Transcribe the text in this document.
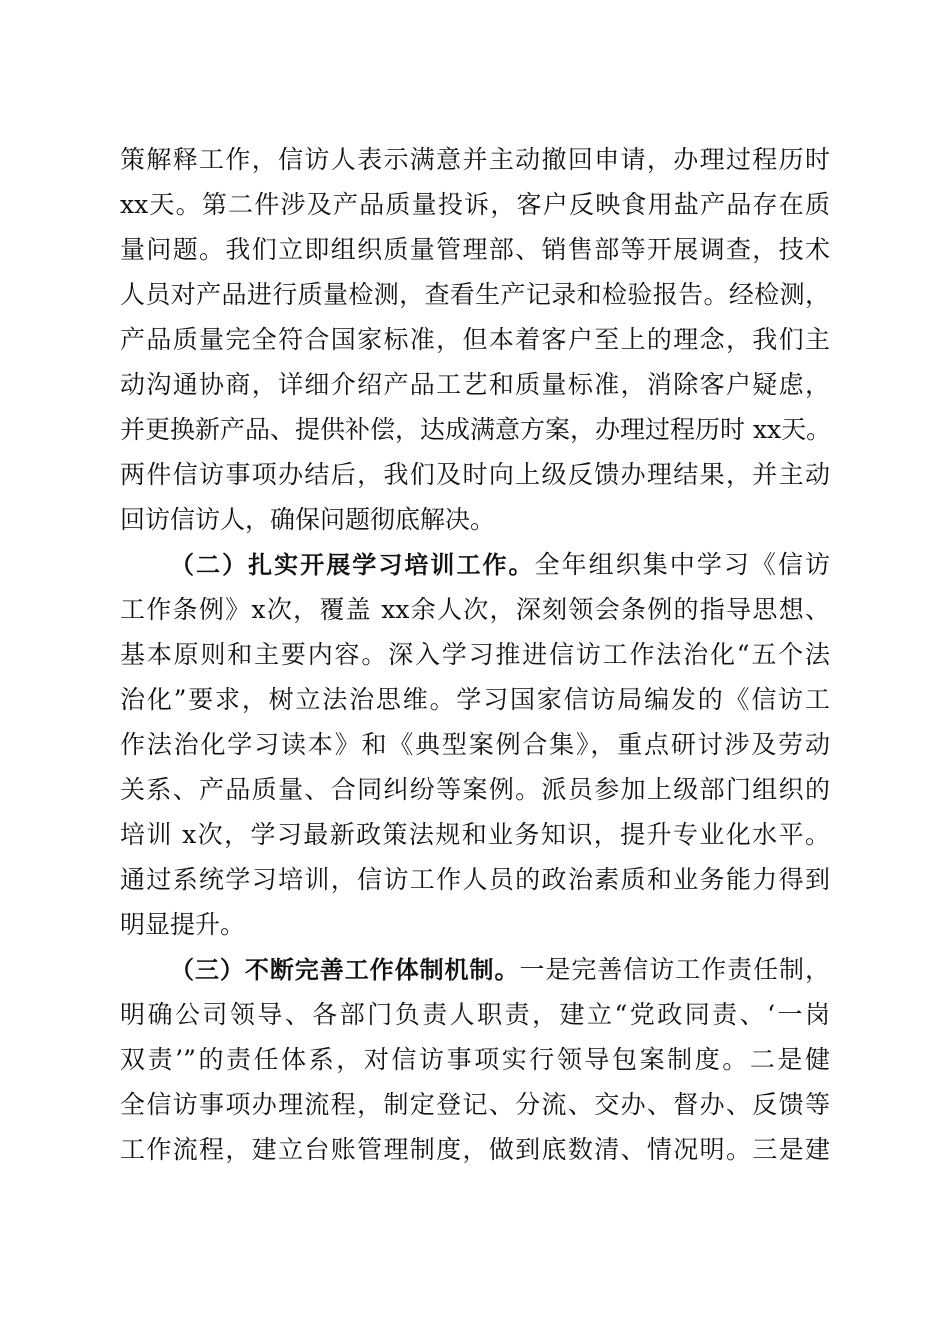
策解释工作，信访人表示满意并主动撤回申请，办理过程历时
xx天。第二件涉及产品质量投诉，客户反映食用盐产品存在质
量问题。我们立即组织质量管理部、销售部等开展调查，技术
人员对产品进行质量检测，查看生产记录和检验报告。经检测，
产品质量完全符合国家标准，但本着客户至上的理念，我们主
动沟通协商，详细介绍产品工艺和质量标准，消除客户疑虑，
并更换新产品、提供补偿，达成满意方案，办理过程历时 xx天。
两件信访事项办结后，我们及时向上级反馈办理结果，并主动
回访信访人，确保问题彻底解决。
（二）扎实开展学习培训工作。全年组织集中学习《信访
工作条例》x次，覆盖 xx余人次，深刻领会条例的指导思想、
基本原则和主要内容。深入学习推进信访工作法治化“五个法
治化”要求，树立法治思维。学习国家信访局编发的《信访工
作法治化学习读本》和《典型案例合集》，重点研讨涉及劳动
关系、产品质量、合同纠纷等案例。派员参加上级部门组织的
培训 x次，学习最新政策法规和业务知识，提升专业化水平。
通过系统学习培训，信访工作人员的政治素质和业务能力得到
明显提升。
（三）不断完善工作体制机制。一是完善信访工作责任制，
明确公司领导、各部门负责人职责，建立“党政同责、‘一岗
双责’”的责任体系，对信访事项实行领导包案制度。二是健
全信访事项办理流程，制定登记、分流、交办、督办、反馈等
工作流程，建立台账管理制度，做到底数清、情况明。三是建
